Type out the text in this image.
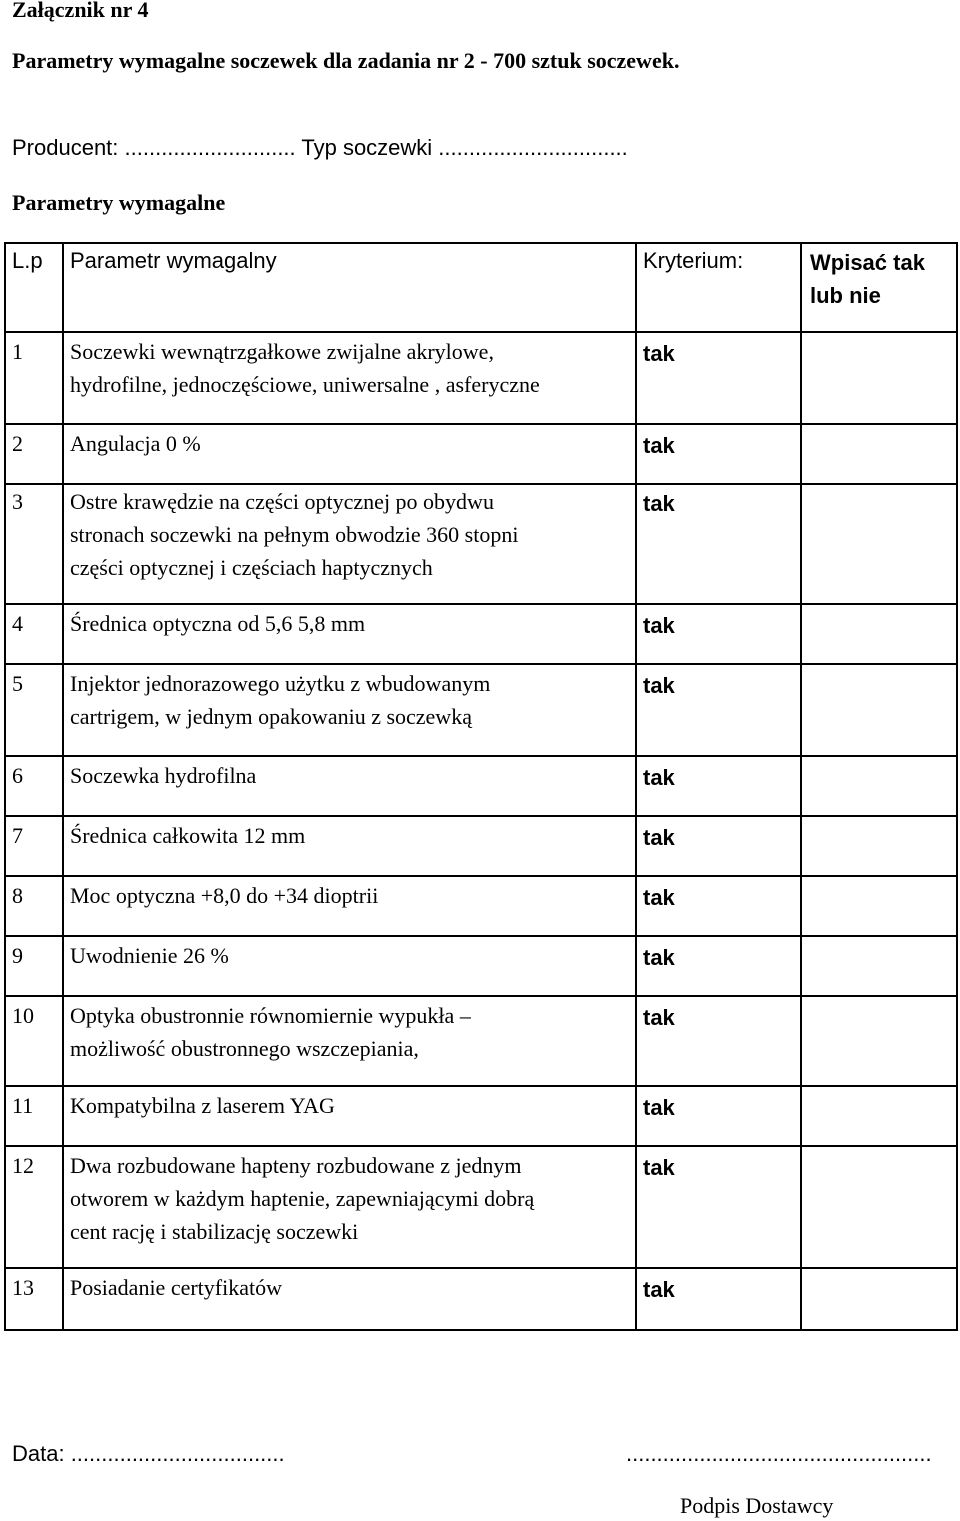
Załącznik nr 4
Parametry wymagalne soczewek dla zadania nr 2 - 700 sztuk soczewek.
Producent: ............................ Typ soczewki ...............................
Parametry wymagalne
L.p	Parametr wymagalny	Kryterium:	Wpisać tak
lub nie

1	Soczewki wewnątrzgałkowe zwijalne akrylowe,
hydrofilne, jednoczęściowe, uniwersalne , asferyczne	tak	
2	Angulacja 0 %	tak	
3	Ostre krawędzie na części optycznej po obydwu
stronach soczewki na pełnym obwodzie 360 stopni
części optycznej i częściach haptycznych	tak	
4	Średnica optyczna od 5,6 5,8 mm	tak	
5	Injektor jednorazowego użytku z wbudowanym
cartrigem, w jednym opakowaniu z soczewką	tak	
6	Soczewka hydrofilna	tak	
7	Średnica całkowita 12 mm	tak	
8	Moc optyczna +8,0 do +34 dioptrii	tak	
9	Uwodnienie 26 %	tak	
10	Optyka obustronnie równomiernie wypukła –
możliwość obustronnego wszczepiania,	tak	
11	Kompatybilna z laserem YAG	tak	
12	Dwa rozbudowane hapteny rozbudowane z jednym
otworem w każdym haptenie, zapewniającymi dobrą
cent rację i stabilizację soczewki	tak	
13	Posiadanie certyfikatów	tak	
Data: ...................................	..................................................
Podpis Dostawcy
